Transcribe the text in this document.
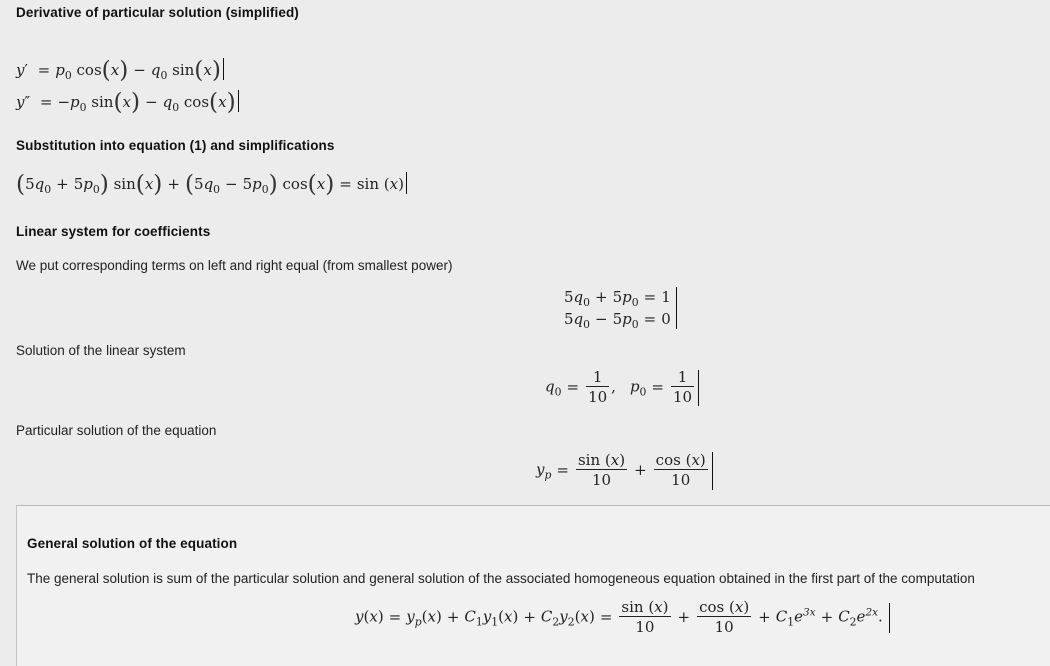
Derivative of particular solution (simplified)
$y' = p_0$ $\cos(x) - q_0$ sin(x)
$y'' = -p_0$ $\sin(x) - q_0$ cos(x)
Substitution into equation (1) and simplifications
$(5q_0 + 5p_0) \sin(x) + (5q_0 - 5p_0) \cos(x) = \sin (x)$
Linear system for coefficients
We put corresponding terms on left and right equal (from smallest power)
$5q_0 + 5p_0 = 1$
$5q_0 - 5p_0 = 0$
Solution of the linear system
$q_0 = \frac{1}{10}$ , $p_0 = \frac{1}{10}$
Particular solution of the equation
$y_p = \frac{\sin (x)}{10} + \frac{\cos (x)}{10}$
General solution of the equation
The general solution is sum of the particular solution and general solution of the associated homogeneous equation obtained in the first part of the computation
$y(x) = y_p(x) + C_1y_1(x) + C_2y_2(x) = \frac{\sin (x)}{10} + \frac{\cos (x)}{10} + C_1e^{3x} + C_2e^{2x}$.
